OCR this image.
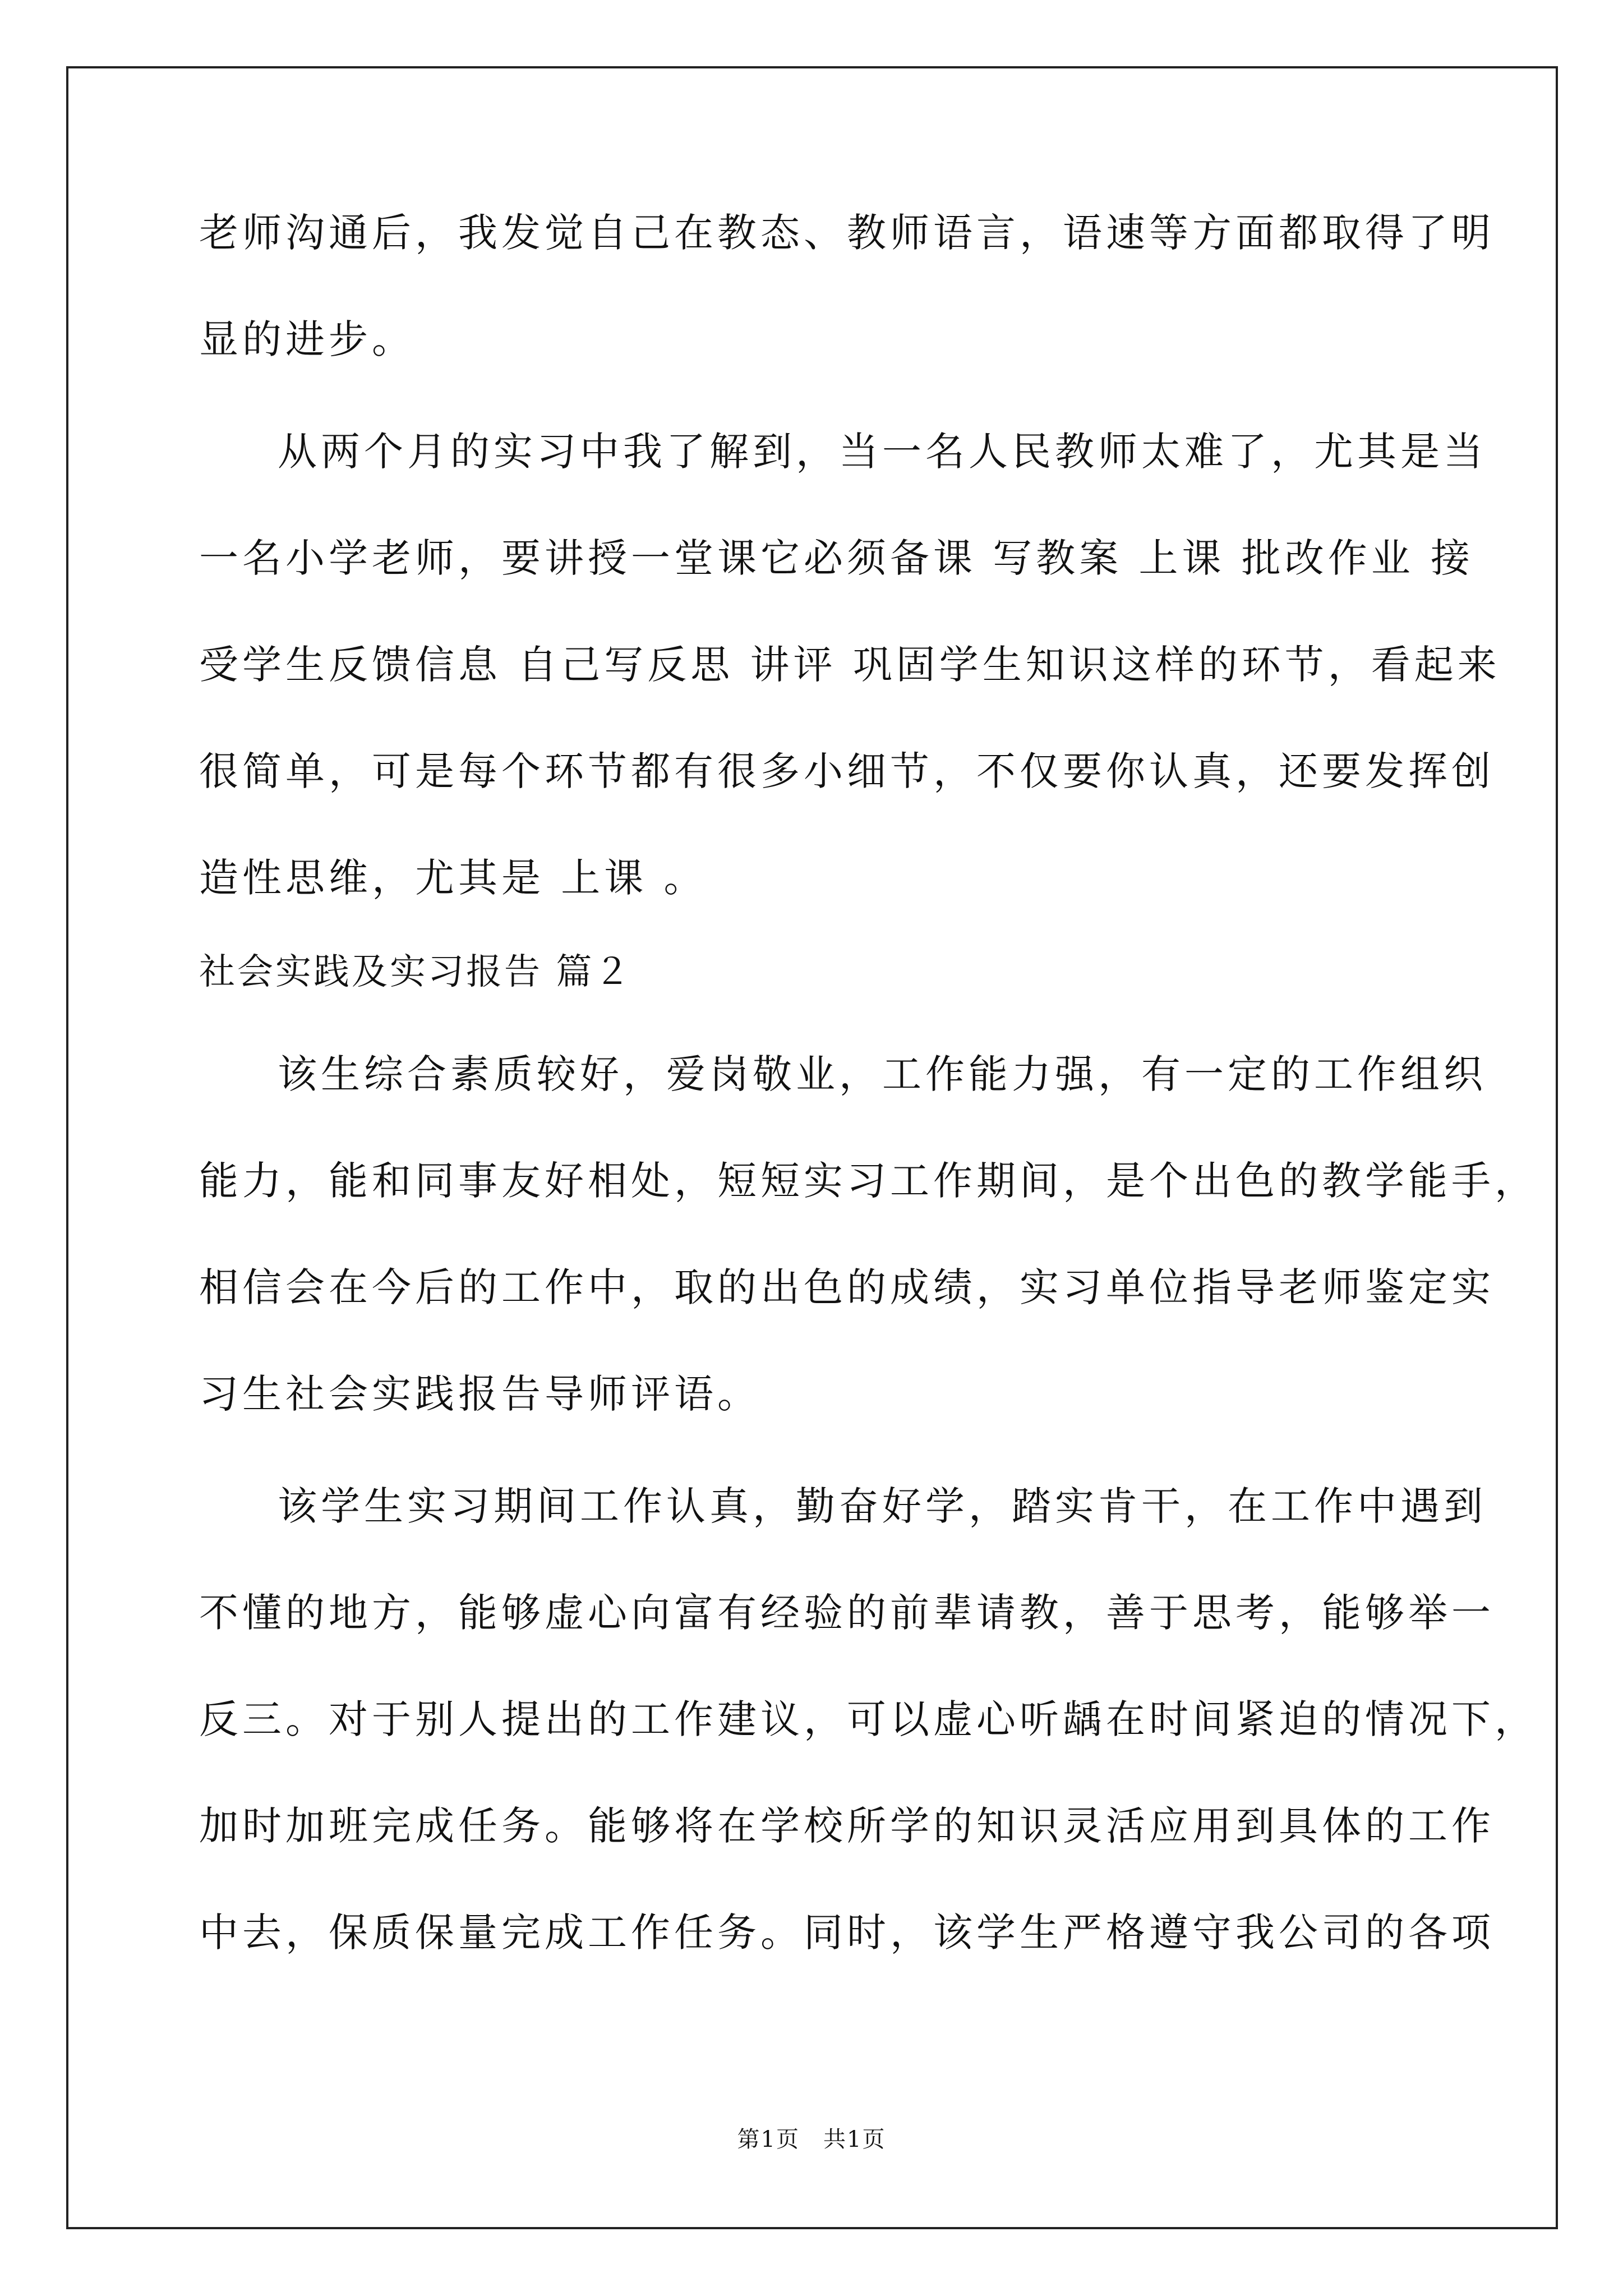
老师沟通后，我发觉自己在教态、教师语言，语速等方面都取得了明
显的进步。
从两个月的实习中我了解到，当一名人民教师太难了，尤其是当
一名小学老师，要讲授一堂课它必须备课 写教案 上课 批改作业 接
受学生反馈信息 自己写反思 讲评 巩固学生知识这样的环节，看起来
很简单，可是每个环节都有很多小细节，不仅要你认真，还要发挥创
造性思维，尤其是 上课 。
社会实践及实习报告 篇２
该生综合素质较好，爱岗敬业，工作能力强，有一定的工作组织
能力，能和同事友好相处，短短实习工作期间，是个出色的教学能手，
相信会在今后的工作中，取的出色的成绩，实习单位指导老师鉴定实
习生社会实践报告导师评语。
该学生实习期间工作认真，勤奋好学，踏实肯干，在工作中遇到
不懂的地方，能够虚心向富有经验的前辈请教，善于思考，能够举一
反三。对于别人提出的工作建议，可以虚心听龋在时间紧迫的情况下，
加时加班完成任务。能够将在学校所学的知识灵活应用到具体的工作
中去，保质保量完成工作任务。同时，该学生严格遵守我公司的各项
第1页　共1页
